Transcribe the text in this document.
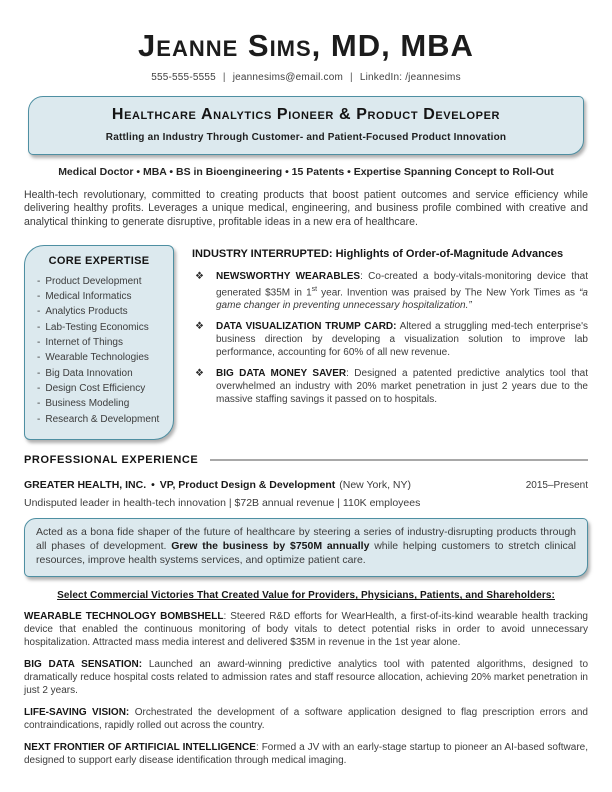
Jeanne Sims, MD, MBA
555-555-5555 | jeannesims@email.com | LinkedIn: /jeannesims
Healthcare Analytics Pioneer & Product Developer
Rattling an Industry Through Customer- and Patient-Focused Product Innovation
Medical Doctor • MBA • BS in Bioengineering • 15 Patents • Expertise Spanning Concept to Roll-Out
Health-tech revolutionary, committed to creating products that boost patient outcomes and service efficiency while delivering healthy profits. Leverages a unique medical, engineering, and business profile combined with creative and analytical thinking to generate disruptive, profitable ideas in a new era of healthcare.
CORE EXPERTISE
- Product Development
- Medical Informatics
- Analytics Products
- Lab-Testing Economics
- Internet of Things
- Wearable Technologies
- Big Data Innovation
- Design Cost Efficiency
- Business Modeling
- Research & Development
INDUSTRY INTERRUPTED: Highlights of Order-of-Magnitude Advances
❖ NEWSWORTHY WEARABLES: Co-created a body-vitals-monitoring device that generated $35M in 1st year. Invention was praised by The New York Times as “a game changer in preventing unnecessary hospitalization.”
❖ DATA VISUALIZATION TRUMP CARD: Altered a struggling med-tech enterprise's business direction by developing a visualization solution to improve lab performance, accounting for 60% of all new revenue.
❖ BIG DATA MONEY SAVER: Designed a patented predictive analytics tool that overwhelmed an industry with 20% market penetration in just 2 years due to the massive staffing savings it passed on to hospitals.
PROFESSIONAL EXPERIENCE
GREATER HEALTH, INC. • VP, Product Design & Development (New York, NY)	2015–Present
Undisputed leader in health-tech innovation | $72B annual revenue | 110K employees
Acted as a bona fide shaper of the future of healthcare by steering a series of industry-disrupting products through all phases of development. Grew the business by $750M annually while helping customers to stretch clinical resources, improve health systems services, and optimize patient care.
Select Commercial Victories That Created Value for Providers, Physicians, Patients, and Shareholders:
WEARABLE TECHNOLOGY BOMBSHELL: Steered R&D efforts for WearHealth, a first-of-its-kind wearable health tracking device that enabled the continuous monitoring of body vitals to detect potential risks in order to avoid unnecessary hospitalization. Attracted mass media interest and delivered $35M in revenue in the 1st year alone.
BIG DATA SENSATION: Launched an award-winning predictive analytics tool with patented algorithms, designed to dramatically reduce hospital costs related to admission rates and staff resource allocation, achieving 20% market penetration in just 2 years.
LIFE-SAVING VISION: Orchestrated the development of a software application designed to flag prescription errors and contraindications, rapidly rolled out across the country.
NEXT FRONTIER OF ARTIFICIAL INTELLIGENCE: Formed a JV with an early-stage startup to pioneer an AI-based software, designed to support early disease identification through medical imaging.
